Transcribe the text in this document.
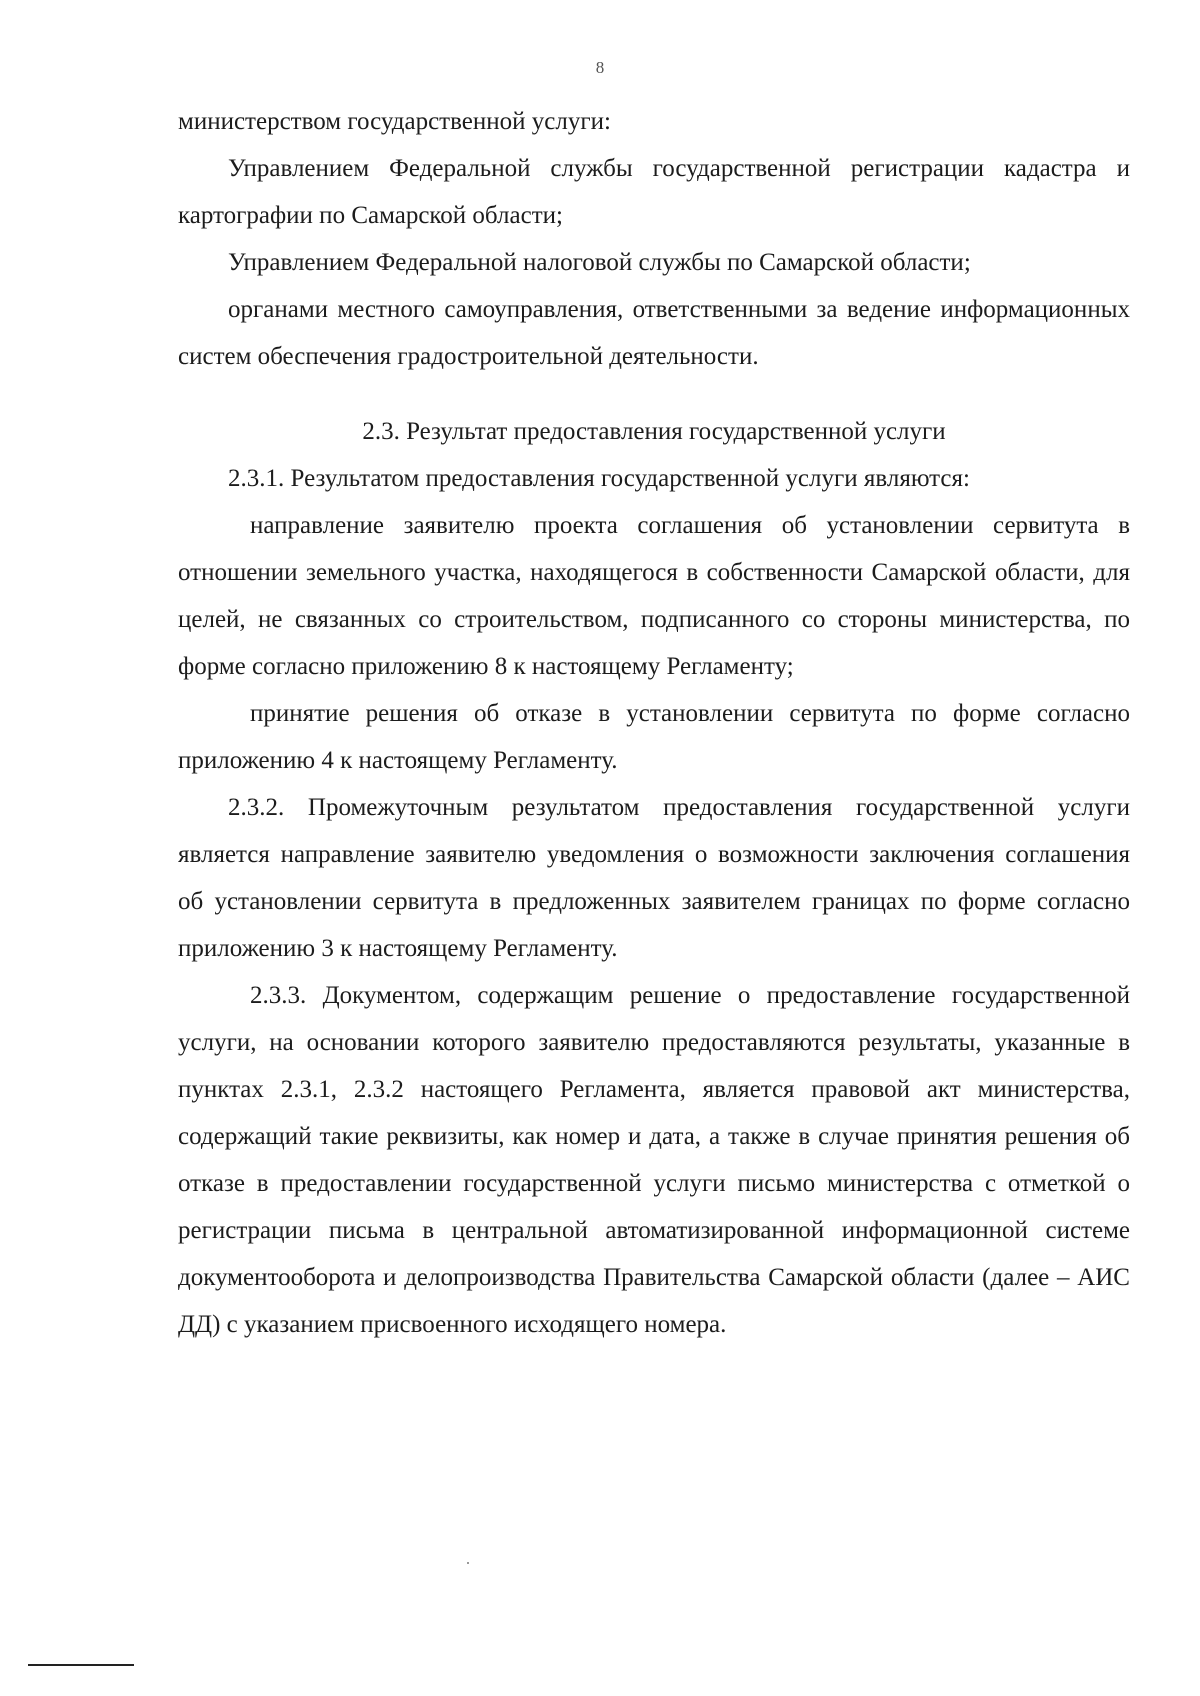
8

министерством государственной услуги:

Управлением Федеральной службы государственной регистрации кадастра и картографии по Самарской области;

Управлением Федеральной налоговой службы по Самарской области;

органами местного самоуправления, ответственными за ведение информационных систем обеспечения градостроительной деятельности.

2.3. Результат предоставления государственной услуги

2.3.1. Результатом предоставления государственной услуги являются:

направление заявителю проекта соглашения об установлении сервитута в отношении земельного участка, находящегося в собственности Самарской области, для целей, не связанных со строительством, подписанного со стороны министерства, по форме согласно приложению 8 к настоящему Регламенту;

принятие решения об отказе в установлении сервитута по форме согласно приложению 4 к настоящему Регламенту.

2.3.2. Промежуточным результатом предоставления государственной услуги является направление заявителю уведомления о возможности заключения соглашения об установлении сервитута в предложенных заявителем границах по форме согласно приложению 3 к настоящему Регламенту.

2.3.3. Документом, содержащим решение о предоставление государственной услуги, на основании которого заявителю предоставляются результаты, указанные в пунктах 2.3.1, 2.3.2 настоящего Регламента, является правовой акт министерства, содержащий такие реквизиты, как номер и дата, а также в случае принятия решения об отказе в предоставлении государственной услуги письмо министерства с отметкой о регистрации письма в центральной автоматизированной информационной системе документооборота и делопроизводства Правительства Самарской области (далее – АИС ДД) с указанием присвоенного исходящего номера.
